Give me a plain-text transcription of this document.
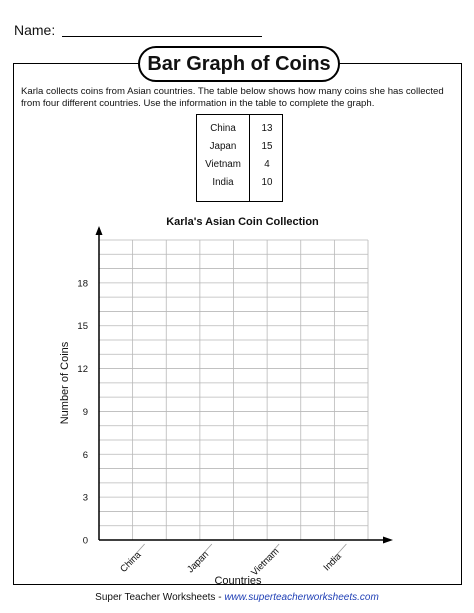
Name:
Bar Graph of Coins
Karla collects coins from Asian countries. The table below shows how many coins she has collected from four different countries. Use the information in the table to complete the graph.
China	13
Japan	15
Vietnam	4
India	10
Karla's Asian Coin Collection
0
3
6
9
12
15
18
China	Japan	Vietnam	India
Number of Coins
Countries
Super Teacher Worksheets - www.superteacherworksheets.com
